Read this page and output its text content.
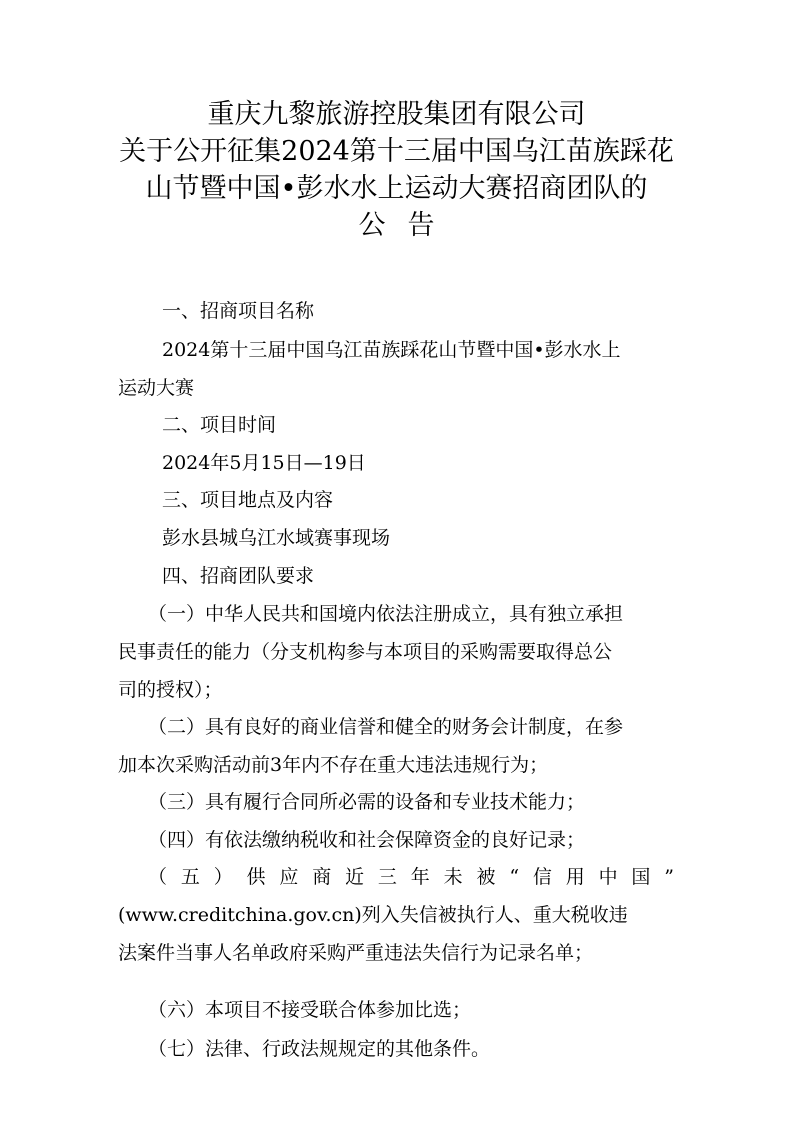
重庆九黎旅游控股集团有限公司
关于公开征集2024第十三届中国乌江苗族踩花
山节暨中国•彭水水上运动大赛招商团队的
公告
一、招商项目名称
2024第十三届中国乌江苗族踩花山节暨中国•彭水水上
运动大赛
二、项目时间
2024年5月15日—19日
三、项目地点及内容
彭水县城乌江水域赛事现场
四、招商团队要求
（一）中华人民共和国境内依法注册成立，具有独立承担
民事责任的能力（分支机构参与本项目的采购需要取得总公
司的授权）；
（二）具有良好的商业信誉和健全的财务会计制度，在参
加本次采购活动前3年内不存在重大违法违规行为；
（三）具有履行合同所必需的设备和专业技术能力；
（四）有依法缴纳税收和社会保障资金的良好记录；
（五）供应商近三年未被“信用中国”
(www.creditchina.gov.cn)列入失信被执行人、重大税收违
法案件当事人名单政府采购严重违法失信行为记录名单；
（六）本项目不接受联合体参加比选；
（七）法律、行政法规规定的其他条件。
